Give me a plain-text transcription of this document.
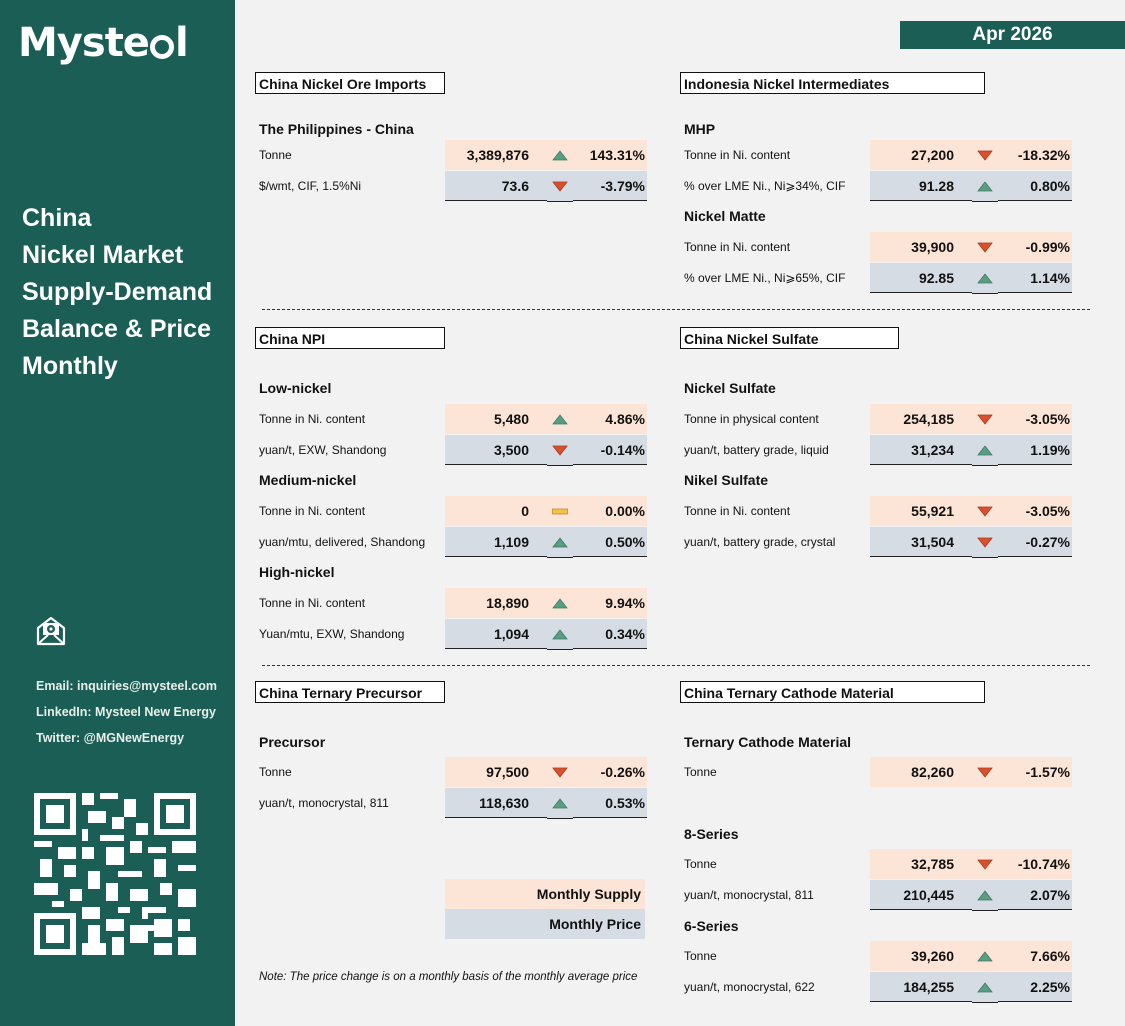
Myste l
China
Nickel Market
Supply-Demand
Balance & Price
Monthly
Email: inquiries@mysteel.com
LinkedIn: Mysteel New Energy
Twitter: @MGNewEnergy
Apr 2026
China Nickel Ore Imports	Indonesia Nickel Intermediates
China NPI	China Nickel Sulfate
China Ternary Precursor	China Ternary Cathode Material
The Philippines - China	MHP
Nickel Matte
Low-nickel
Medium-nickel
High-nickel
Nickel Sulfate
Nikel Sulfate
Precursor	Ternary Cathode Material
8-Series
6-Series
Tonne	3,389,876	143.31%
$/wmt, CIF, 1.5%Ni	73.6	-3.79%
Tonne in Ni. content	27,200	-18.32%
% over LME Ni., Ni⩾34%, CIF	91.28	0.80%
Tonne in Ni. content	39,900	-0.99%
% over LME Ni., Ni⩾65%, CIF	92.85	1.14%
Tonne in Ni. content	5,480	4.86%
yuan/t, EXW, Shandong	3,500	-0.14%
Tonne in Ni. content	0	0.00%
yuan/mtu, delivered, Shandong	1,109	0.50%
Tonne in Ni. content	18,890	9.94%
Yuan/mtu, EXW, Shandong	1,094	0.34%
Tonne in physical content	254,185	-3.05%
yuan/t, battery grade, liquid	31,234	1.19%
Tonne in Ni. content	55,921	-3.05%
yuan/t, battery grade, crystal	31,504	-0.27%
Tonne	97,500	-0.26%
yuan/t, monocrystal, 811	118,630	0.53%
Tonne	82,260	-1.57%
Tonne	32,785	-10.74%
yuan/t, monocrystal, 811	210,445	2.07%
Tonne	39,260	7.66%
yuan/t, monocrystal, 622	184,255	2.25%
Monthly Supply
Monthly Price
Note: The price change is on a monthly basis of the monthly average price
